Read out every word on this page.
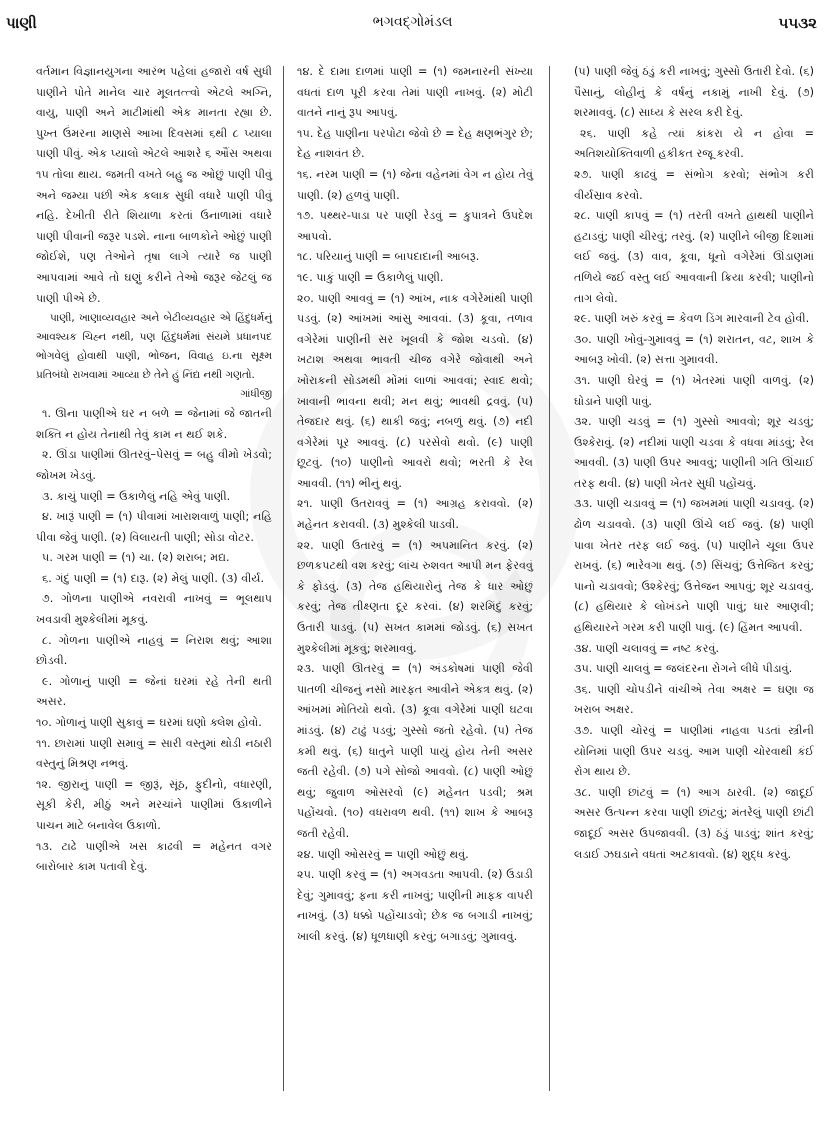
પાણી	ભગવદ્ગોમંડલ	૫૫૩૨

વર્તમાન વિજ્ઞાનયુગના આરંભ પહેલાં હજારો વર્ષ સુધી પાણીને પોતે માનેલ ચાર મૂલતત્ત્વો એટલે અગ્નિ, વાયુ, પાણી અને માટીમાંથી એક માનતા રહ્યા છે. પુખ્ત ઉંમરના માણસે આખા દિવસમાં ૬થી ૮ પ્યાલા પાણી પીવું. એક પ્યાલો એટલે આશરે ૬ ઔંસ અથવા ૧૫ તોલા થાય. જમતી વખતે બહુ જ ઓછું પાણી પીવું અને જમ્યા પછી એક કલાક સુધી વધારે પાણી પીવું નહિ. દેખીતી રીતે શિયાળા કરતાં ઉનાળામાં વધારે પાણી પીવાની જરૂર પડશે. નાના બાળકોને ઓછું પાણી જોઈશે, પણ તેઓને તૃષા લાગે ત્યારે જ પાણી આપવામાં આવે તો ઘણું કરીને તેઓ જરૂર જેટલું જ પાણી પીએ છે.

પાણી, ખાણાવ્યવહાર અને બેટીવ્યવહાર એ હિંદુધર્મનું આવશ્યક ચિહ્ન નથી, પણ હિંદુધર્મમાં સંયમે પ્રધાનપદ ભોગવેલું હોવાથી પાણી, ભોજન, વિવાહ ઇ.ના સૂક્ષ્મ પ્રતિબંધો રાખવામાં આવ્યા છે તેને હું નિંદ્ય નથી ગણતો.

ગાંધીજી

૧. ઊના પાણીએ ઘર ન બળે = જેનામાં જે જાતની શક્તિ ન હોય તેનાથી તેવું કામ ન થઈ શકે.

૨. ઊંડા પાણીમાં ઊતરવું–પેસવું = બહુ વીમો ખેડવો; જોખમ ખેડવું.

૩. કાચું પાણી = ઉકાળેલું નહિ એવું પાણી.

૪. ખારૂં પાણી = (૧) પીવામાં ખારાશવાળું પાણી; નહિ પીવા જેવું પાણી. (૨) વિલાયતી પાણી; સોડા વોટર.

૫. ગરમ પાણી = (૧) ચા. (૨) શરાબ; મદ્ય.

૬. ગંદું પાણી = (૧) દારૂ. (૨) મેલું પાણી. (૩) વીર્ય.

૭. ગોળના પાણીએ નવરાવી નાખવું = ભૂલથાપ ખવડાવી મુશ્કેલીમાં મૂકવું.

૮. ગોળના પાણીએ નાહવું = નિરાશ થવું; આશા છોડવી.

૯. ગોળાનું પાણી = જેનાં ઘરમાં રહે તેની થતી અસર.

૧૦. ગોળાનું પાણી સુકાવું = ઘરમાં ઘણો ક્લેશ હોવો.

૧૧. છારામાં પાણી સમાવું = સારી વસ્તુમાં થોડી નઠારી વસ્તુનું મિશ્રણ નભવું.

૧૨. જીરાનું પાણી = જીરૂં, સૂંઠ, ફુદીનો, વધારણી, સૂકી કેરી, મીઠું અને મરચાંને પાણીમાં ઉકાળીને પાચન માટે બનાવેલ ઉકાળો.

૧૩. ટાઢે પાણીએ ખસ કાઢવી = મહેનત વગર બારોબાર કામ પતાવી દેવું.

૧૪. દે દામા દાળમાં પાણી = (૧) જમનારની સંખ્યા વધતાં દાળ પૂરી કરવા તેમાં પાણી નાખવું. (૨) મોટી વાતને નાનું રૂપ આપવું.

૧૫. દેહ પાણીના પરપોટા જેવો છે = દેહ ક્ષણભંગુર છે; દેહ નાશવંત છે.

૧૬. નરમ પાણી = (૧) જેના વહેનમાં વેગ ન હોય તેવું પાણી. (૨) હળવું પાણી.

૧૭. પથ્થર-પાડા પર પાણી રેડવું = કુપાત્રને ઉપદેશ આપવો.

૧૮. પરિયાનું પાણી = બાપદાદાની આબરૂ.

૧૯. પાકું પાણી = ઉકાળેલું પાણી.

૨૦. પાણી આવવું = (૧) આંખ, નાક વગેરેમાંથી પાણી પડવું. (૨) આંખમાં આંસુ આવવાં. (૩) કૂવા, તળાવ વગેરેમાં પાણીની સર ખૂલવી કે જોશ ચડવો. (૪) ખટાશ અથવા ભાવતી ચીજ વગેરે જોવાથી અને ખોરાકની સોડમથી મોંમાં લાળાં આવવાં; સ્વાદ થવો; ખાવાની ભાવના થવી; મન થવું; ભાવથી દ્રવવું. (૫) તેજદાર થવું. (૬) થાકી જવું; નબળું થવું. (૭) નદી વગેરેમાં પૂર આવવું. (૮) પરસેવો થવો. (૯) પાણી છૂટવું. (૧૦) પાણીનો આવરો થવો; ભરતી કે રેલ આવવી. (૧૧) ભીનું થવું.

૨૧. પાણી ઉતરાવવું = (૧) આગ્રહ કરાવવો. (૨) મહેનત કરાવવી. (૩) મુશ્કેલી પાડવી.

૨૨. પાણી ઉતારવું = (૧) અપમાનિત કરવું. (૨) છળકપટથી વશ કરવું; લાંચ રુશવત આપી મન ફેરવવું કે ફોડવું. (૩) તેજ હથિયારોનું તેજ કે ધાર ઓછું કરવું; તેજ તીક્ષ્ણતા દૂર કરવાં. (૪) શરમિંદું કરવું; ઉતારી પાડવું. (૫) સખત કામમાં જોડવું. (૬) સખત મુશ્કેલીમાં મૂકવું; શરમાવવું.

૨૩. પાણી ઊતરવું = (૧) અંડકોષમાં પાણી જેવી પાતળી ચીજનું નસો મારફત આવીને એકત્ર થવું. (૨) આંખમાં મોતિયો થવો. (૩) કૂવા વગેરેમાં પાણી ઘટવા માંડવું. (૪) ટાઢું પડવું; ગુસ્સો જતો રહેવો. (૫) તેજ કમી થવું. (૬) ધાતુને પાણી પાયું હોય તેની અસર જતી રહેવી. (૭) પગે સોજો આવવો. (૮) પાણી ઓછું થવું; જુવાળ ઓસરવો (૯) મહેનત પડવી; શ્રમ પહોંચવો. (૧૦) વધરાવળ થવી. (૧૧) શાખ કે આબરૂ જતી રહેવી.

૨૪. પાણી ઓસરવું = પાણી ઓછું થવું.

૨૫. પાણી કરવું = (૧) અગવડતા આપવી. (૨) ઉડાડી દેવું; ગુમાવવું; ફના કરી નાખવું; પાણીની માફક વાપરી નાખવું. (૩) ધક્કો પહોંચાડવો; છેક જ બગાડી નાખવું; ખાલી કરવું. (૪) ધૂળધાણી કરવું; બગાડવું; ગુમાવવું.

(૫) પાણી જેવું ઠંડું કરી નાખવું; ગુસ્સો ઉતારી દેવો. (૬) પૈસાનું, લોહીનું કે વર્ષનું નકામું નાખી દેવું. (૭) શરમાવવું. (૮) સાધ્ય કે સરલ કરી દેવું.

૨૬. પાણી કહે ત્યાં કાંકરા યે ન હોવા = અતિશયોક્તિવાળી હકીકત રજૂ કરવી.

૨૭. પાણી કાઢવું = સંભોગ કરવો; સંભોગ કરી વીર્યસ્રાવ કરવો.

૨૮. પાણી કાપવું = (૧) તરતી વખતે હાથથી પાણીને હટાડવું; પાણી ચીરવું; તરવું. (૨) પાણીને બીજી દિશામાં લઈ જવું. (૩) વાવ, કૂવા, ધૂનો વગેરેમાં ઊંડાણમાં તળિયે જઈ વસ્તુ લઈ આવવાની ક્રિયા કરવી; પાણીનો તાગ લેવો.

૨૯. પાણી ખરું કરવું = કેવળ ડિંગ મારવાની ટેવ હોવી.

૩૦. પાણી ખોવું-ગુમાવવું = (૧) શરાતન, વટ, શાખ કે આબરૂ ખોવી. (૨) સત્તા ગુમાવવી.

૩૧. પાણી ઘેરવું = (૧) ખેતરમાં પાણી વાળવું. (૨) ઘોડાને પાણી પાવું.

૩૨. પાણી ચડવું = (૧) ગુસ્સો આવવો; શૂર ચડવું; ઉશ્કેરાવું. (૨) નદીમાં પાણી ચડવા કે વધવા માંડવું; રેલ આવવી. (૩) પાણી ઉપર આવવું; પાણીની ગતિ ઊંચાઈ તરફ થવી. (૪) પાણી ખેતર સુધી પહોંચવું.

૩૩. પાણી ચડાવવું = (૧) જખમમાં પાણી ચડાવવું. (૨) ઢોળ ચડાવવો. (૩) પાણી ઊંચે લઈ જવું. (૪) પાણી પાવા ખેતર તરફ લઈ જવું. (૫) પાણીને ચૂલા ઉપર રાખવું. (૬) ભારેવગા થવું. (૭) સિંચવું; ઉત્તેજિત કરવું; પાનો ચડાવવો; ઉશ્કેરવું; ઉત્તેજન આપવું; શૂર ચડાવવું. (૮) હથિયાર કે લોખંડને પાણી પાવું; ધાર આણવી; હથિયારને ગરમ કરી પાણી પાવું. (૯) હિંમત આપવી.

૩૪. પાણી ચલાવવું = નષ્ટ કરવું.

૩૫. પાણી ચાલવું = જલંદરના રોગને લીધે પીડાવું.

૩૬. પાણી ચોપડીને વાંચીએ તેવા અક્ષર = ઘણા જ ખરાબ અક્ષર.

૩૭. પાણી ચોરવું = પાણીમાં નાહવા પડતાં સ્ત્રીની યોનિમાં પાણી ઉપર ચડવું. આમ પાણી ચોરવાથી કંઈ રોગ થાય છે.

૩૮. પાણી છાંટવું = (૧) આગ ઠારવી. (૨) જાદૂઈ અસર ઉત્પન્ન કરવા પાણી છાંટવું; મંતરેલું પાણી છાંટી જાદૂઈ અસર ઉપજાવવી. (૩) ઠંડું પાડવું; શાંત કરવું; લડાઈ ઝઘડાને વધતાં અટકાવવો. (૪) શુદ્ધ કરવું.
